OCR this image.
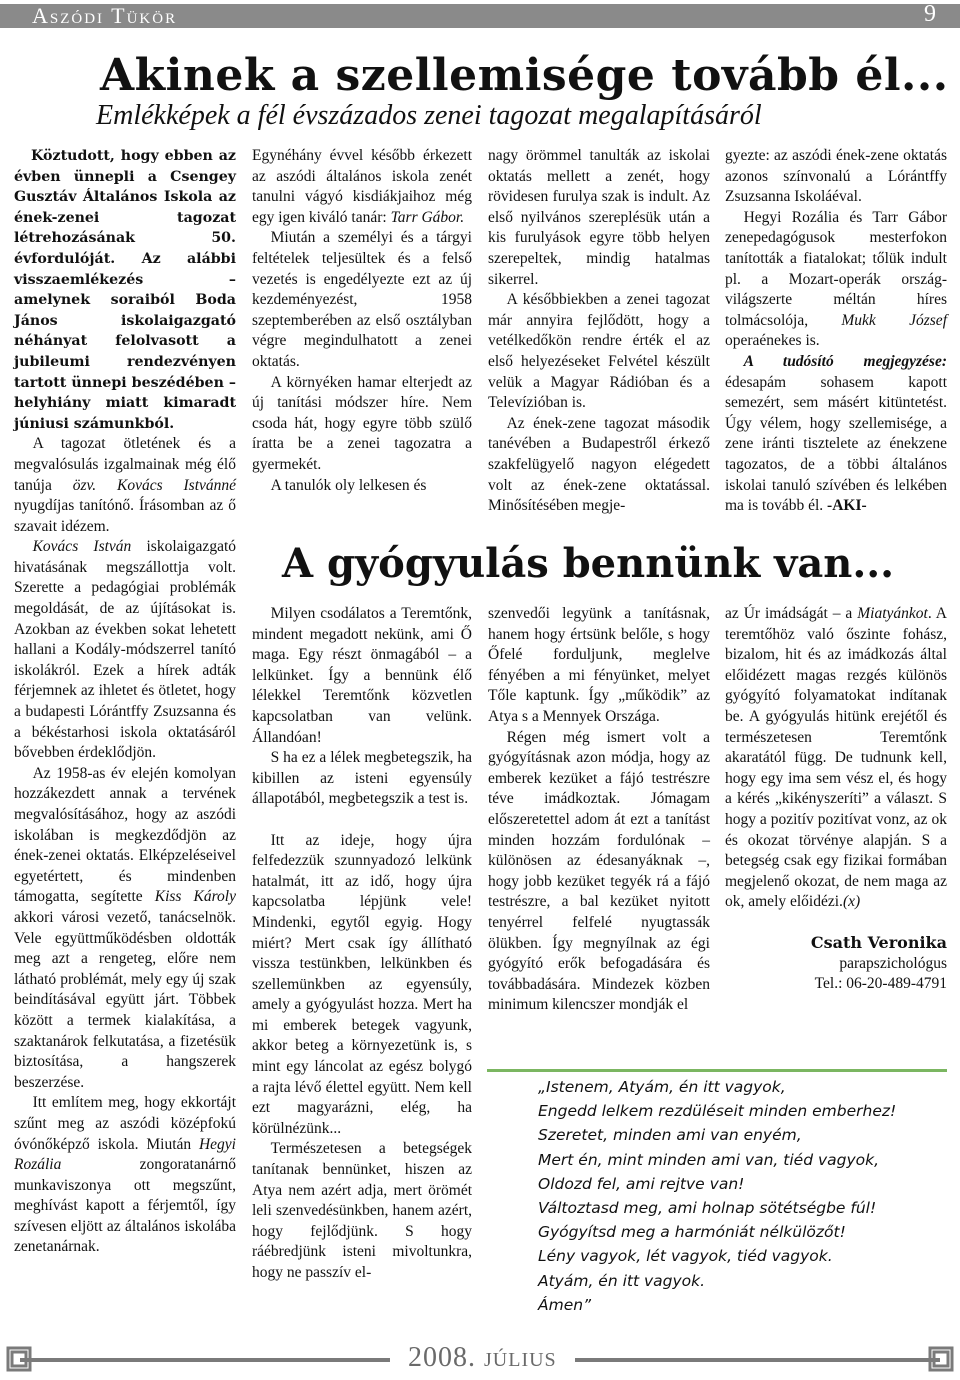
Aszódi Tükör	9
Akinek a szellemisége tovább él...
Emlékképek a fél évszázados zenei tagozat megalapításáról

Köztudott, hogy ebben az évben ünnepli a Csengey Gusztáv Általános Iskola az ének-zenei tagozat létrehozásának 50. évfordulóját. Az alábbi visszaemlékezés – amelynek soraiból Boda János iskolaigazgató néhányat felolvasott a jubileumi rendezvényen tartott ünnepi beszédében – helyhiány miatt kimaradt júniusi számunkból.

A tagozat ötletének és a megvalósulás izgalmainak még élő tanúja özv. Kovács Istvánné nyugdíjas tanítónő. Írásomban az ő szavait idézem.

Kovács István iskolaigazgató hivatásának megszállottja volt. Szerette a pedagógiai problémák megoldását, de az újításokat is. Azokban az években sokat lehetett hallani a Kodály-módszerrel tanító iskolákról. Ezek a hírek adták férjemnek az ihletet és ötletet, hogy a budapesti Lórántffy Zsuzsanna és a békéstarhosi iskola oktatásáról bővebben érdeklődjön.

Az 1958-as év elején komolyan hozzákezdett annak a tervének megvalósításához, hogy az aszódi iskolában is megkezdődjön az ének-zenei oktatás. Elképzeléseivel egyetértett, és mindenben támogatta, segítette Kiss Károly akkori városi vezető, tanácselnök. Vele együttműködésben oldották meg azt a rengeteg, előre nem látható problémát, mely egy új szak beindításával együtt járt. Többek között a termek kialakítása, a szaktanárok felkutatása, a fizetésük biztosítása, a hangszerek beszerzése.

Itt említem meg, hogy ekkortájt szűnt meg az aszódi középfokú óvónőképző iskola. Miután Hegyi Rozália zongoratanárnő munkaviszonya ott megszűnt, meghívást kapott a férjemtől, így szívesen eljött az általános iskolába zenetanárnak.

Egynéhány évvel később érkezett az aszódi általános iskola zenét tanulni vágyó kisdiákjaihoz még egy igen kiváló tanár: Tarr Gábor.

Miután a személyi és a tárgyi feltételek teljesültek és a felső vezetés is engedélyezte ezt az új kezdeményezést, 1958 szeptemberében az első osztályban végre megindulhatott a zenei oktatás.

A környéken hamar elterjedt az új tanítási módszer híre. Nem csoda hát, hogy egyre több szülő íratta be a zenei tagozatra a gyermekét.

A tanulók oly lelkesen és

nagy örömmel tanulták az iskolai oktatás mellett a zenét, hogy rövidesen furulya szak is indult. Az első nyilvános szereplésük után a kis furulyások egyre több helyen szerepeltek, mindig hatalmas sikerrel.

A későbbiekben a zenei tagozat már annyira fejlődött, hogy a vetélkedőkön rendre érték el az első helyezéseket Felvétel készült velük a Magyar Rádióban és a Televízióban is.

Az ének-zene tagozat második tanévében a Budapestről érkező szakfelügyelő nagyon elégedett volt az ének-zene oktatással. Minősítésében megje-

gyezte: az aszódi ének-zene oktatás azonos színvonalú a Lórántffy Zsuzsanna Iskoláéval.

Hegyi Rozália és Tarr Gábor zenepedagógusok mesterfokon tanították a fiatalokat; tőlük indult pl. a Mozart-operák ország-világszerte méltán híres tolmácsolója, Mukk József operaénekes is.

A tudósító megjegyzése: édesapám sohasem kapott semezért, sem másért kitüntetést. Úgy vélem, hogy szellemisége, a zene iránti tisztelete az énekzene tagozatos, de a többi általános iskolai tanuló szívében és lelkében ma is tovább él. -AKI-

A gyógyulás bennünk van...

Milyen csodálatos a Teremtőnk, mindent megadott nekünk, ami Ő maga. Egy részt önmagából – a lelkünket. Így a bennünk élő lélekkel Teremtőnk közvetlen kapcsolatban van velünk. Állandóan!

S ha ez a lélek megbetegszik, ha kibillen az isteni egyensúly állapotából, megbetegszik a test is.

Itt az ideje, hogy újra felfedezzük szunnyadozó lelkünk hatalmát, itt az idő, hogy újra kapcsolatba lépjünk vele! Mindenki, egytől egyig. Hogy miért? Mert csak így állítható vissza testünkben, lelkünkben és szellemünkben az egyensúly, amely a gyógyulást hozza. Mert ha mi emberek betegek vagyunk, akkor beteg a környezetünk is, s mint egy láncolat az egész bolygó a rajta lévő élettel együtt. Nem kell ezt magyarázni, elég, ha körülnézünk...

Természetesen a betegségek tanítanak bennünket, hiszen az Atya nem azért adja, mert örömét leli szenvedésünkben, hanem azért, hogy fejlődjünk. S hogy ráébredjünk isteni mivoltunkra, hogy ne passzív el-

szenvedői legyünk a tanításnak, hanem hogy értsünk belőle, s hogy Őfelé forduljunk, meglelve fényében a mi fényünket, melyet Tőle kaptunk. Így „működik” az Atya s a Mennyek Országa.

Régen még ismert volt a gyógyításnak azon módja, hogy az emberek kezüket a fájó testrészre téve imádkoztak. Jómagam előszeretettel adom át ezt a tanítást minden hozzám fordulónak – különösen az édesanyáknak –, hogy jobb kezüket tegyék rá a fájó testrészre, a bal kezüket nyitott tenyérrel felfelé nyugtassák ölükben. Így megnyílnak az égi gyógyító erők befogadására és továbbadására. Mindezek közben minimum kilencszer mondják el

az Úr imádságát – a Miatyánkot. A teremtőhöz való őszinte fohász, bizalom, hit és az imádkozás által előidézett magas rezgés különös gyógyító folyamatokat indítanak be. A gyógyulás hitünk erejétől és természetesen Teremtőnk akaratától függ. De tudnunk kell, hogy egy ima sem vész el, és hogy a kérés „kikényszeríti” a választ. S hogy a pozitív pozitívat vonz, az ok és okozat törvénye alapján. S a betegség csak egy fizikai formában megjelenő okozat, de nem maga az ok, amely előidézi.(x)

Csath Veronika
parapszichológus
Tel.: 06-20-489-4791
„Istenem, Atyám, én itt vagyok,
Engedd lelkem rezdüléseit minden emberhez!
Szeretet, minden ami van enyém,
Mert én, mint minden ami van, tiéd vagyok,
Oldozd fel, ami rejtve van!
Változtasd meg, ami holnap sötétségbe fúl!
Gyógyítsd meg a harmóniát nélkülözőt!
Lény vagyok, lét vagyok, tiéd vagyok.
Atyám, én itt vagyok.
Ámen”
2008. július
